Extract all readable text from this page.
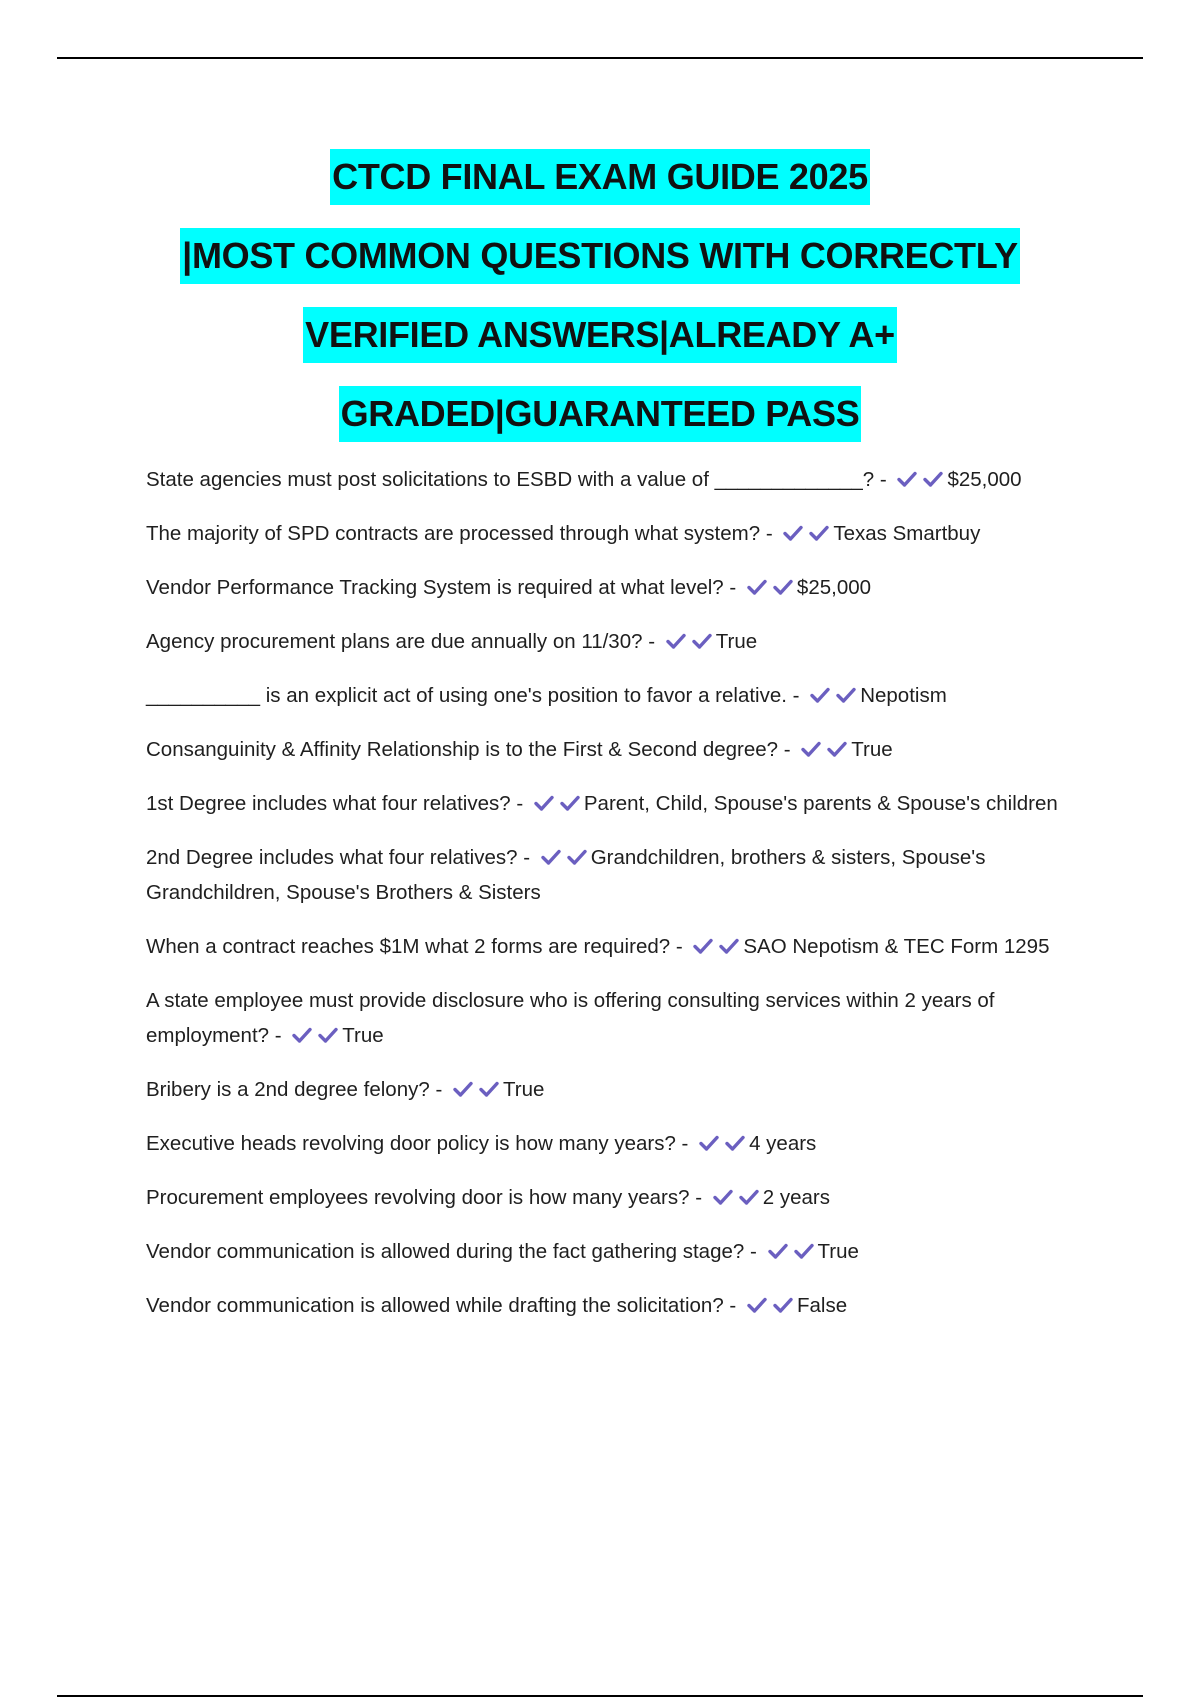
CTCD FINAL EXAM GUIDE 2025
|MOST COMMON QUESTIONS WITH CORRECTLY
VERIFIED ANSWERS|ALREADY A+
GRADED|GUARANTEED PASS
State agencies must post solicitations to ESBD with a value of _____________? -	$25,000
The majority of SPD contracts are processed through what system? -	Texas Smartbuy
Vendor Performance Tracking System is required at what level? -	$25,000
Agency procurement plans are due annually on 11/30? -	True
__________ is an explicit act of using one's position to favor a relative. -	Nepotism
Consanguinity & Affinity Relationship is to the First & Second degree? -	True
1st Degree includes what four relatives? -	Parent, Child, Spouse's parents & Spouse's children
2nd Degree includes what four relatives? -	Grandchildren, brothers & sisters, Spouse's Grandchildren, Spouse's Brothers & Sisters
When a contract reaches $1M what 2 forms are required? -	SAO Nepotism & TEC Form 1295
A state employee must provide disclosure who is offering consulting services within 2 years of employment? -	True
Bribery is a 2nd degree felony? -	True
Executive heads revolving door policy is how many years? -	4 years
Procurement employees revolving door is how many years? -	2 years
Vendor communication is allowed during the fact gathering stage? -	True
Vendor communication is allowed while drafting the solicitation? -	False
